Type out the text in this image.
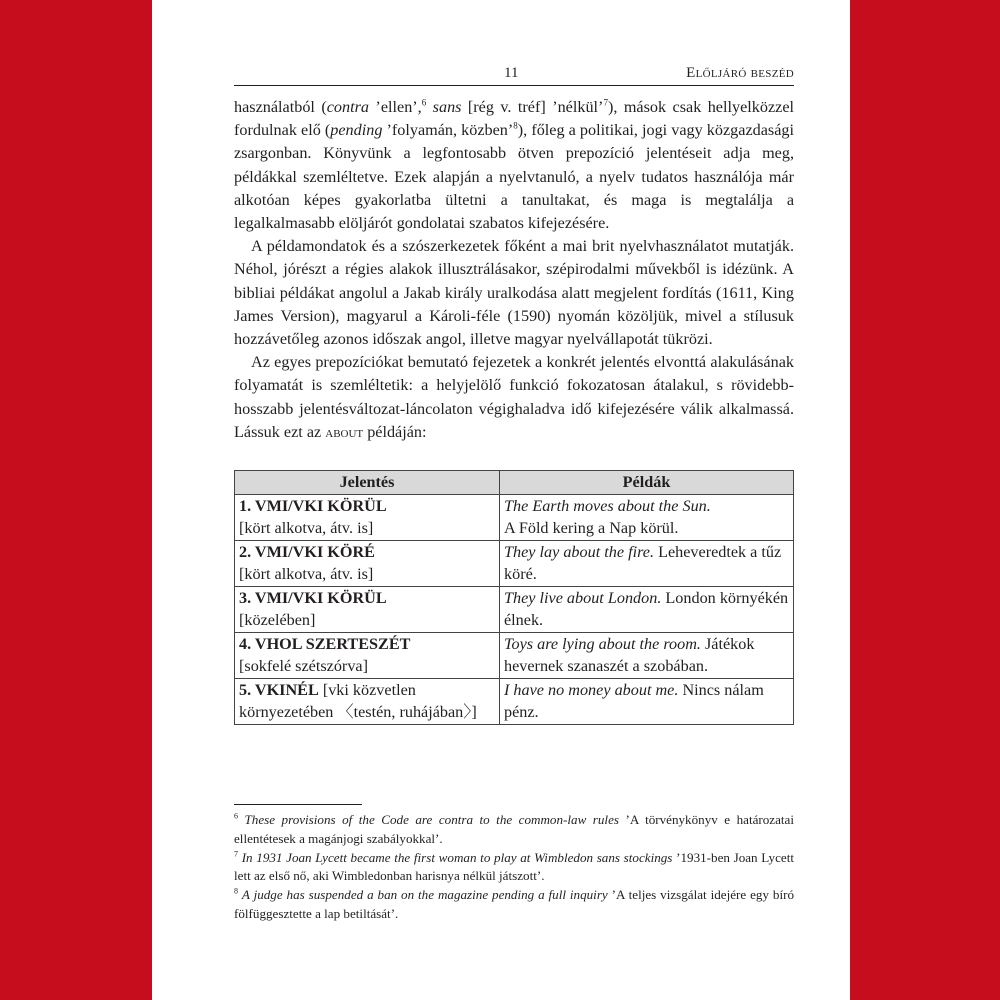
11	Előljáró beszéd

használatból (contra ’ellen’,$^6$ sans [rég v. tréf] ’nélkül’$^7$), mások csak hellyelközzel fordulnak elő (pending ’folyamán, közben’$^8$), főleg a politikai, jogi vagy közgazdasági zsargonban. Könyvünk a legfontosabb ötven prepozíció jelentéseit adja meg, példákkal szemléltetve. Ezek alapján a nyelvtanuló, a nyelv tudatos használója már alkotóan képes gyakorlatba ültetni a tanultakat, és maga is megtalálja a legalkalmasabb elöljárót gondolatai szabatos kifejezésére.

A példamondatok és a szószerkezetek főként a mai brit nyelvhasználatot mutatják. Néhol, jórészt a régies alakok illusztrálásakor, szépirodalmi művekből is idézünk. A bibliai példákat angolul a Jakab király uralkodása alatt megjelent fordítás (1611, King James Version), magyarul a Károli-féle (1590) nyomán közöljük, mivel a stílusuk hozzávetőleg azonos időszak angol, illetve magyar nyelvállapotát tükrözi.

Az egyes prepozíciókat bemutató fejezetek a konkrét jelentés elvonttá alakulásának folyamatát is szemléltetik: a helyjelölő funkció fokozatosan átalakul, s rövidebb-hosszabb jelentésváltozat-láncolaton végighaladva idő kifejezésére válik alkalmassá. Lássuk ezt az about példáján:

Jelentés	Példák
1. VMI/VKI KÖRÜL
[kört alkotva, átv. is]	The Earth moves about the Sun.
A Föld kering a Nap körül.
2. VMI/VKI KÖRÉ
[kört alkotva, átv. is]	They lay about the fire. Leheveredtek a tűz köré.
3. VMI/VKI KÖRÜL
[közelében]	They live about London. London környékén élnek.
4. VHOL SZERTESZÉT
[sokfelé szétszórva]	Toys are lying about the room. Játékok hevernek szanaszét a szobában.
5. VKINÉL [vki közvetlen környezetében 〈testén, ruhájában〉]	I have no money about me. Nincs nálam pénz.

$^6$ These provisions of the Code are contra to the common-law rules ’A törvénykönyv e határozatai ellentétesek a magánjogi szabályokkal’.

$^7$ In 1931 Joan Lycett became the first woman to play at Wimbledon sans stockings ’1931-ben Joan Lycett lett az első nő, aki Wimbledonban harisnya nélkül játszott’.

$^8$ A judge has suspended a ban on the magazine pending a full inquiry ’A teljes vizsgálat idejére egy bíró fölfüggesztette a lap betiltását’.
